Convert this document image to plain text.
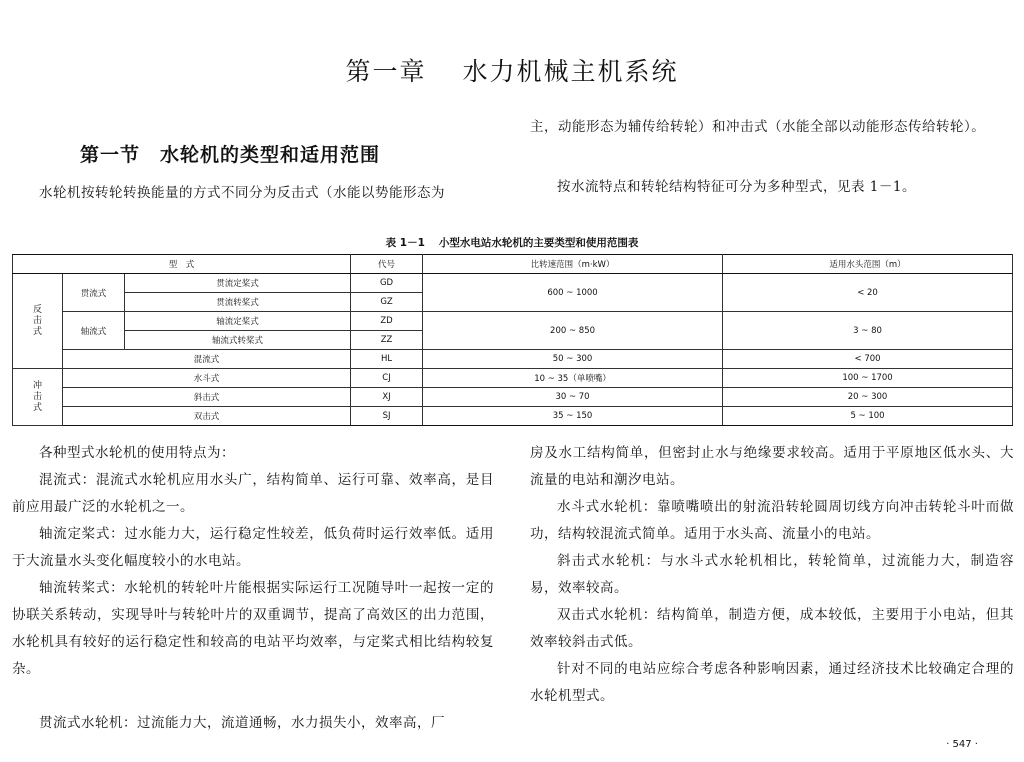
第一章 水力机械主机系统
第一节 水轮机的类型和适用范围

水轮机按转轮转换能量的方式不同分为反击式（水能以势能形态为

主，动能形态为辅传给转轮）和冲击式（水能全部以动能形态传给转轮）。

按水流特点和转轮结构特征可分为多种型式，见表 1－1。

表 1－1 小型水电站水轮机的主要类型和使用范围表
型　式			代号	比转速范围（m·kW）	适用水头范围（m）
反
击
式	贯流式	贯流定桨式	GD	600 ~ 1000	< 20
		贯流转桨式	GZ		
	轴流式	轴流定桨式	ZD	200 ~ 850	3 ~ 80
		轴流式转桨式	ZZ		
	混流式		HL	50 ~ 300	< 700
冲
击
式	水斗式		CJ	10 ~ 35（单喷嘴）	100 ~ 1700
	斜击式		XJ	30 ~ 70	20 ~ 300
	双击式		SJ	35 ~ 150	5 ~ 100

各种型式水轮机的使用特点为：

混流式：混流式水轮机应用水头广，结构简单、运行可靠、效率高，是目前应用最广泛的水轮机之一。

轴流定桨式：过水能力大，运行稳定性较差，低负荷时运行效率低。适用于大流量水头变化幅度较小的水电站。

轴流转桨式：水轮机的转轮叶片能根据实际运行工况随导叶一起按一定的协联关系转动，实现导叶与转轮叶片的双重调节，提高了高效区的出力范围，水轮机具有较好的运行稳定性和较高的电站平均效率，与定桨式相比结构较复杂。

贯流式水轮机：过流能力大，流道通畅，水力损失小，效率高，厂

房及水工结构简单，但密封止水与绝缘要求较高。适用于平原地区低水头、大流量的电站和潮汐电站。

水斗式水轮机：靠喷嘴喷出的射流沿转轮圆周切线方向冲击转轮斗叶而做功，结构较混流式简单。适用于水头高、流量小的电站。

斜击式水轮机：与水斗式水轮机相比，转轮简单，过流能力大，制造容易，效率较高。

双击式水轮机：结构简单，制造方便，成本较低，主要用于小电站，但其效率较斜击式低。

针对不同的电站应综合考虑各种影响因素，通过经济技术比较确定合理的水轮机型式。

· 547 ·
